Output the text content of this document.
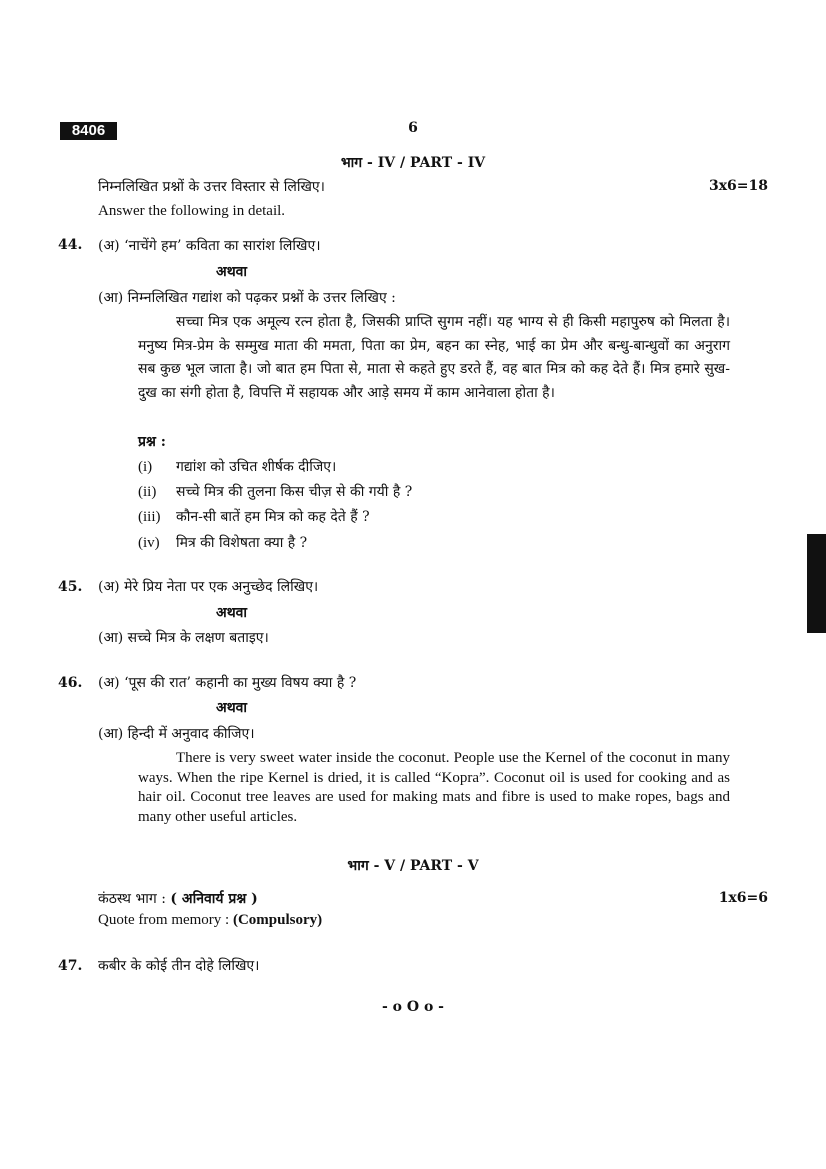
8406	6
भाग - IV / PART - IV
निम्नलिखित प्रश्नों के उत्तर विस्तार से लिखिए।	3x6=18
Answer the following in detail.
44. (अ) ‘नाचेंगे हम’ कविता का सारांश लिखिए।
अथवा
(आ) निम्नलिखित गद्यांश को पढ़कर प्रश्नों के उत्तर लिखिए :
सच्चा मित्र एक अमूल्य रत्न होता है, जिसकी प्राप्ति सुगम नहीं। यह भाग्य से ही किसी महापुरुष को मिलता है। मनुष्य मित्र-प्रेम के सम्मुख माता की ममता, पिता का प्रेम, बहन का स्नेह, भाई का प्रेम और बन्धु-बान्धुवों का अनुराग सब कुछ भूल जाता है। जो बात हम पिता से, माता से कहते हुए डरते हैं, वह बात मित्र को कह देते हैं। मित्र हमारे सुख-दुख का संगी होता है, विपत्ति में सहायक और आड़े समय में काम आनेवाला होता है।
प्रश्न :
(i) गद्यांश को उचित शीर्षक दीजिए।
(ii) सच्चे मित्र की तुलना किस चीज़ से की गयी है ?
(iii) कौन-सी बातें हम मित्र को कह देते हैं ?
(iv) मित्र की विशेषता क्या है ?
45. (अ) मेरे प्रिय नेता पर एक अनुच्छेद लिखिए।
अथवा
(आ) सच्चे मित्र के लक्षण बताइए।
46. (अ) ‘पूस की रात’ कहानी का मुख्य विषय क्या है ?
अथवा
(आ) हिन्दी में अनुवाद कीजिए।
There is very sweet water inside the coconut. People use the Kernel of the coconut in many ways. When the ripe Kernel is dried, it is called “Kopra”. Coconut oil is used for cooking and as hair oil. Coconut tree leaves are used for making mats and fibre is used to make ropes, bags and many other useful articles.
भाग - V / PART - V
कंठस्थ भाग : ( अनिवार्य प्रश्न )	1x6=6
Quote from memory : (Compulsory)
47. कबीर के कोई तीन दोहे लिखिए।
- o O o -
